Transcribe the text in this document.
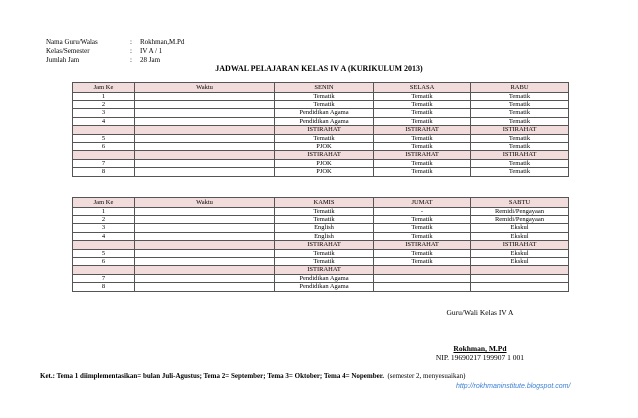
Nama Guru/Walas	: Rokhman,M.Pd
Kelas/Semester	: IV A / 1
Jumlah Jam	: 28 Jam
JADWAL PELAJARAN KELAS IV A (KURIKULUM 2013)
Jam Ke	Waktu	SENIN	SELASA	RABU
1		Tematik	Tematik	Tematik
2		Tematik	Tematik	Tematik
3		Pendidikan Agama	Tematik	Tematik
4		Pendidikan Agama	Tematik	Tematik
		ISTIRAHAT	ISTIRAHAT	ISTIRAHAT
5		Tematik	Tematik	Tematik
6		PJOK	Tematik	Tematik
		ISTIRAHAT	ISTIRAHAT	ISTIRAHAT
7		PJOK	Tematik	Tematik
8		PJOK	Tematik	Tematik
Jam Ke	Waktu	KAMIS	JUMAT	SABTU
1		Tematik	-	Remidi/Pengayaan
2		Tematik	Tematik	Remidi/Pengayaan
3		English	Tematik	Ekskul
4		English	Tematik	Ekskul
		ISTIRAHAT	ISTIRAHAT	ISTIRAHAT
5		Tematik	Tematik	Ekskul
6		Tematik	Tematik	Ekskul
		ISTIRAHAT		
7		Pendidikan Agama		
8		Pendidikan Agama		
Guru/Wali Kelas IV A
Rokhman, M.Pd
NIP. 19690217 199907 1 001
Ket.: Tema 1 diimplementasikan= bulan Juli-Agustus; Tema 2= September; Tema 3= Oktober; Tema 4= Nopember. (semester 2, menyesuaikan)
http://rokhmaninstitute.blogspot.com/
